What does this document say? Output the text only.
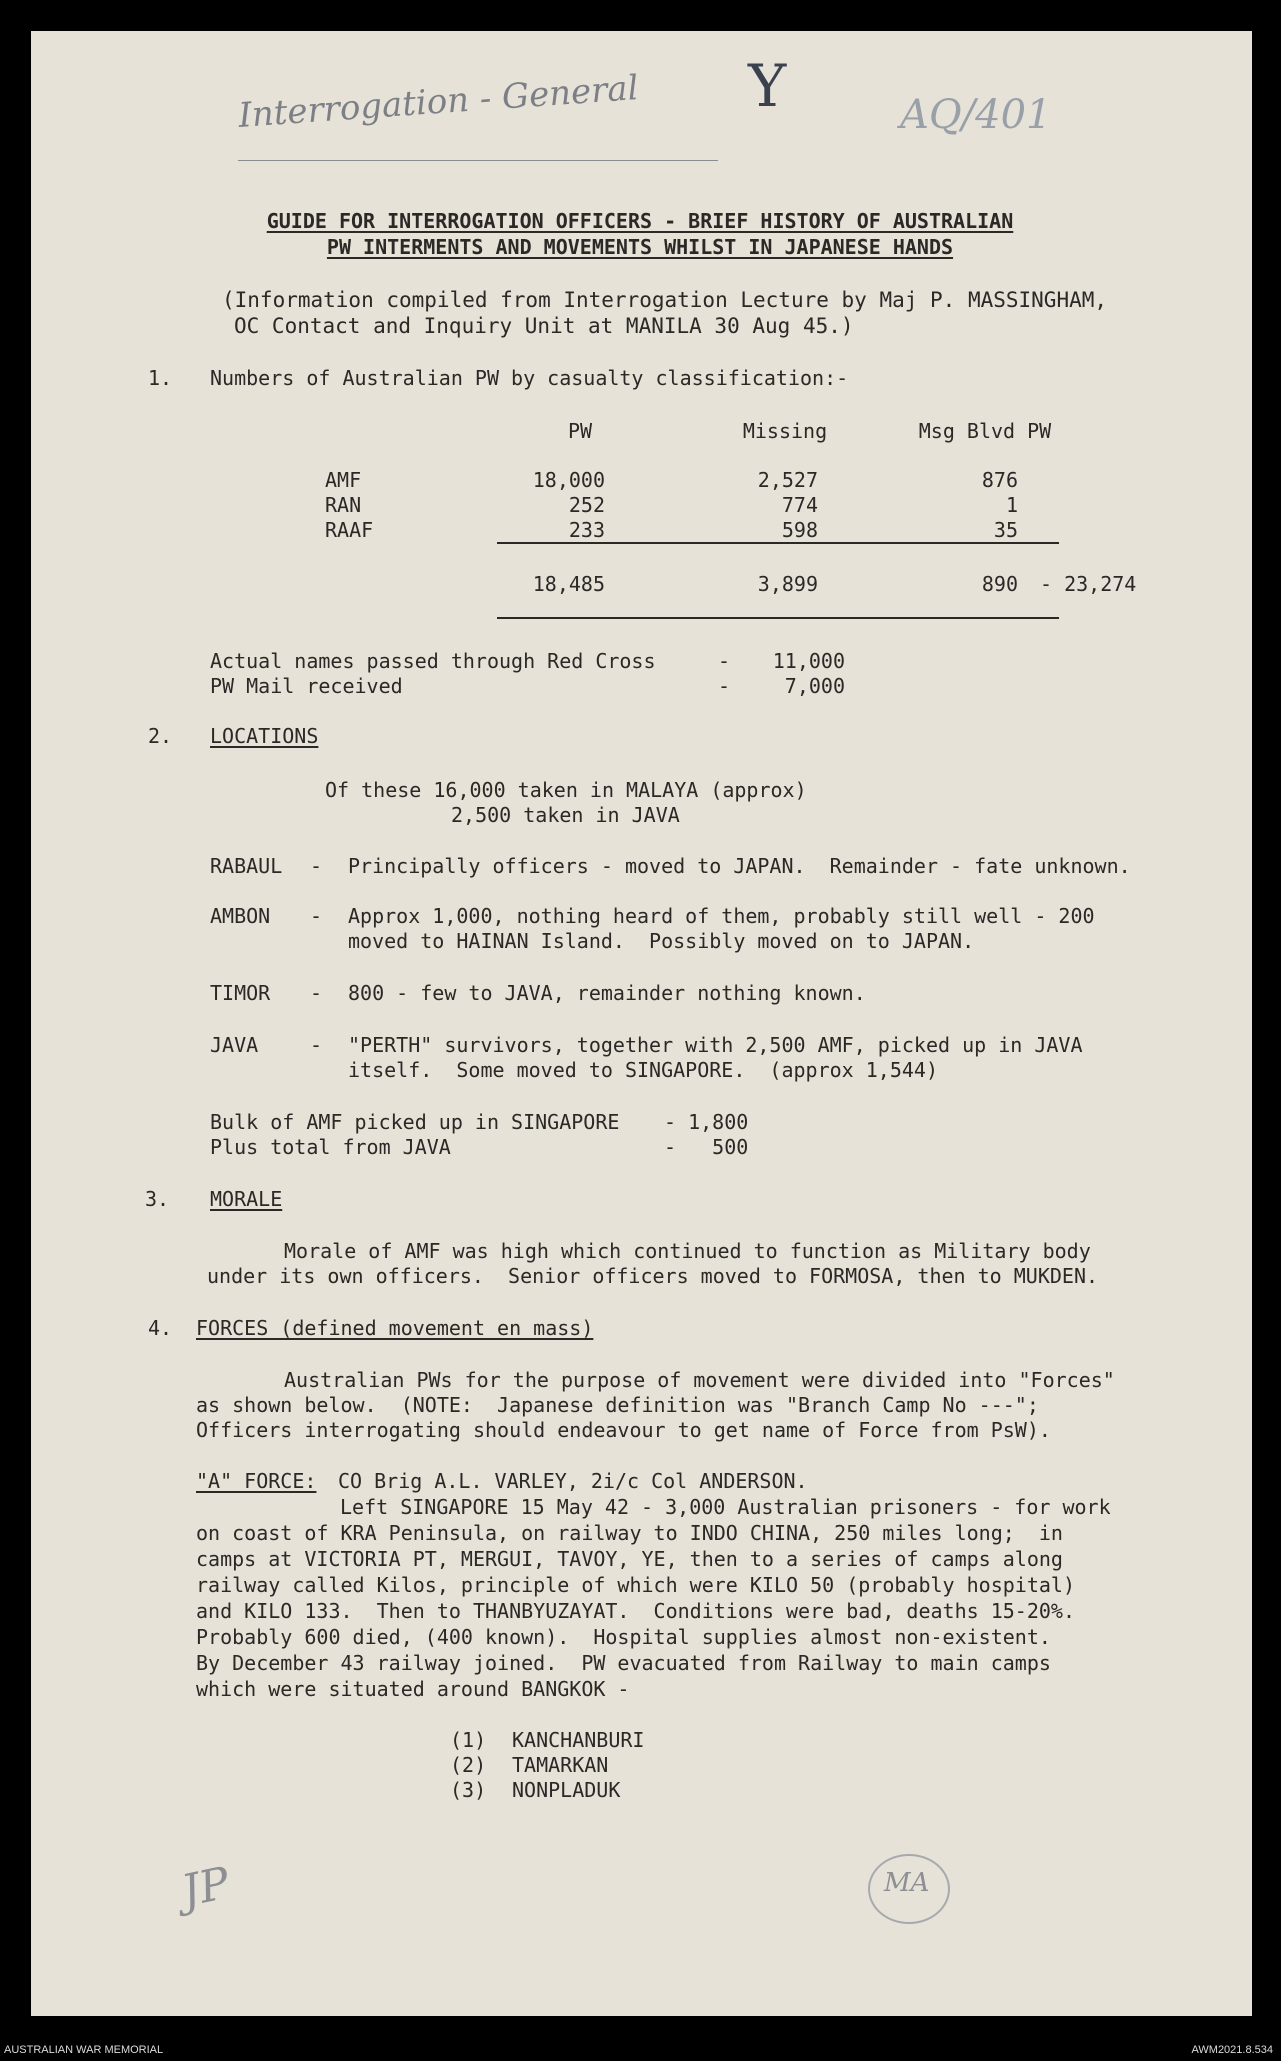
Interrogation - General Y	AQ/401
GUIDE FOR INTERROGATION OFFICERS - BRIEF HISTORY OF AUSTRALIAN
PW INTERMENTS AND MOVEMENTS WHILST IN JAPANESE HANDS
(Information compiled from Interrogation Lecture by Maj P. MASSINGHAM,
OC Contact and Inquiry Unit at MANILA 30 Aug 45.)
1. Numbers of Australian PW by casualty classification:-
PW	Missing	Msg Blvd PW
AMF	18,000	2,527	876
RAN	252	774	1
RAAF	233	598	35
18,485	3,899	890 - 23,274
Actual names passed through Red Cross	-	11,000
PW Mail received	-	7,000
2. LOCATIONS
Of these 16,000 taken in MALAYA (approx)
2,500 taken in JAVA
RABAUL - Principally officers - moved to JAPAN.  Remainder - fate unknown.
AMBON - Approx 1,000, nothing heard of them, probably still well - 200
moved to HAINAN Island.  Possibly moved on to JAPAN.
TIMOR - 800 - few to JAVA, remainder nothing known.
JAVA	- "PERTH" survivors, together with 2,500 AMF, picked up in JAVA
itself.  Some moved to SINGAPORE.  (approx 1,544)
Bulk of AMF picked up in SINGAPORE - 1,800
Plus total from JAVA	-   500
3. MORALE
Morale of AMF was high which continued to function as Military body
under its own officers.  Senior officers moved to FORMOSA, then to MUKDEN.
4. FORCES (defined movement en mass)
Australian PWs for the purpose of movement were divided into "Forces"
as shown below.  (NOTE:  Japanese definition was "Branch Camp No ---";
Officers interrogating should endeavour to get name of Force from PsW).
"A" FORCE: CO Brig A.L. VARLEY, 2i/c Col ANDERSON.
Left SINGAPORE 15 May 42 - 3,000 Australian prisoners - for work
on coast of KRA Peninsula, on railway to INDO CHINA, 250 miles long;  in
camps at VICTORIA PT, MERGUI, TAVOY, YE, then to a series of camps along
railway called Kilos, principle of which were KILO 50 (probably hospital)
and KILO 133.  Then to THANBYUZAYAT.  Conditions were bad, deaths 15-20%.
Probably 600 died, (400 known).  Hospital supplies almost non-existent.
By December 43 railway joined.  PW evacuated from Railway to main camps
which were situated around BANGKOK -
(1) KANCHANBURI
(2) TAMARKAN
(3) NONPLADUK
JP	MA
AUSTRALIAN WAR MEMORIAL	AWM2021.8.534
